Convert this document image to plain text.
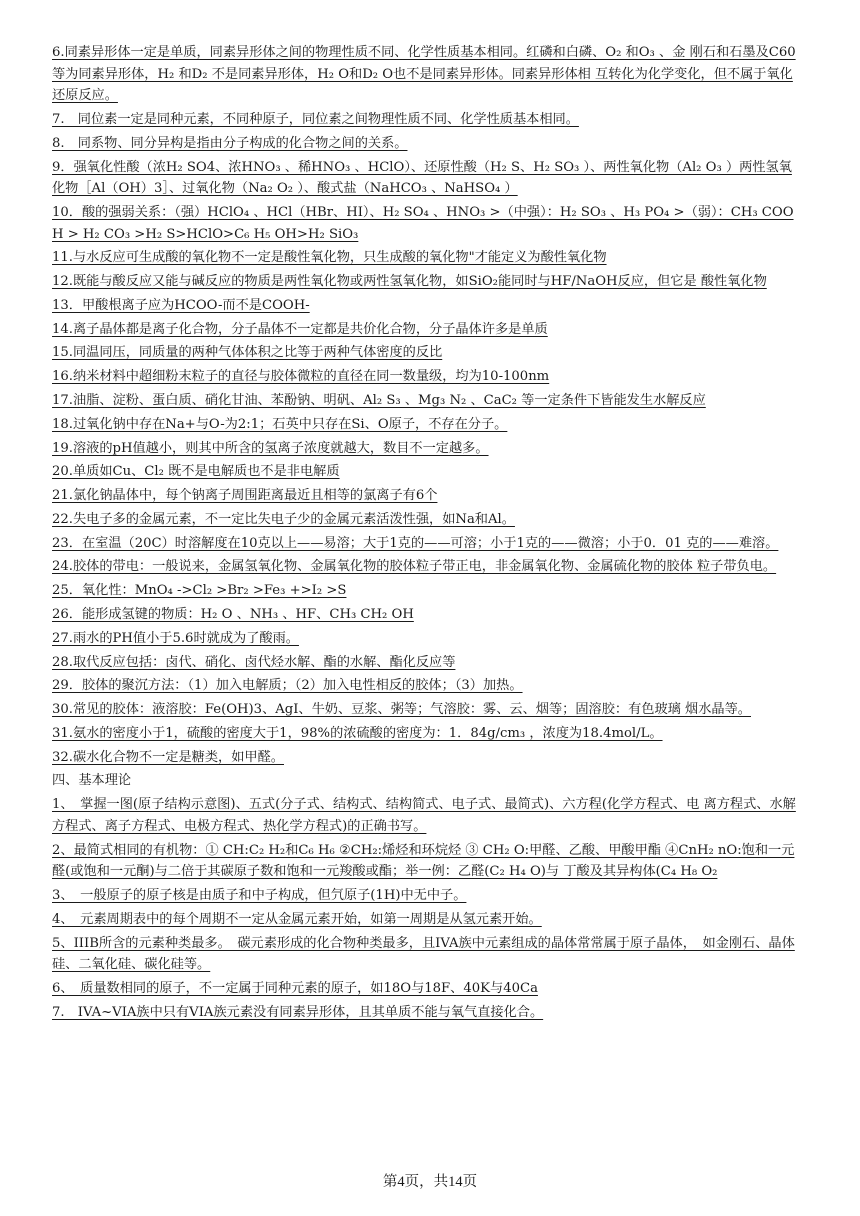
6.同素异形体一定是单质，同素异形体之间的物理性质不同、化学性质基本相同。红磷和白磷、O₂ 和O₃ 、金 刚石和石墨及C60等为同素异形体，H₂ 和D₂ 不是同素异形体，H₂ O和D₂ O也不是同素异形体。同素异形体相 互转化为化学变化，但不属于氧化还原反应。
7.　同位素一定是同种元素，不同种原子，同位素之间物理性质不同、化学性质基本相同。
8.　同系物、同分异构是指由分子构成的化合物之间的关系。
9．强氧化性酸（浓H₂ SO4、浓HNO₃ 、稀HNO₃ 、HClO）、还原性酸（H₂ S、H₂ SO₃ ）、两性氧化物（Al₂ O₃ ）两性氢氧化物［Al（OH）3］、过氧化物（Na₂ O₂ ）、酸式盐（NaHCO₃ 、NaHSO₄ ）
10．酸的强弱关系：（强）HClO₄ 、HCl（HBr、HI）、H₂ SO₄ 、HNO₃ >（中强）：H₂ SO₃ 、H₃ PO₄ >（弱）：CH₃ COOH > H₂ CO₃ >H₂ S>HClO>C₆ H₅ OH>H₂ SiO₃
11.与水反应可生成酸的氧化物不一定是酸性氧化物，只生成酸的氧化物"才能定义为酸性氧化物
12.既能与酸反应又能与碱反应的物质是两性氧化物或两性氢氧化物，如SiO₂能同时与HF/NaOH反应，但它是 酸性氧化物
13．甲酸根离子应为HCOO-而不是COOH-
14.离子晶体都是离子化合物，分子晶体不一定都是共价化合物，分子晶体许多是单质
15.同温同压，同质量的两种气体体积之比等于两种气体密度的反比
16.纳米材料中超细粉末粒子的直径与胶体微粒的直径在同一数量级，均为10-100nm
17.油脂、淀粉、蛋白质、硝化甘油、苯酚钠、明矾、Al₂ S₃ 、Mg₃ N₂ 、CaC₂ 等一定条件下皆能发生水解反应
18.过氧化钠中存在Na+与O-为2:1；石英中只存在Si、O原子，不存在分子。
19.溶液的pH值越小，则其中所含的氢离子浓度就越大，数目不一定越多。
20.单质如Cu、Cl₂ 既不是电解质也不是非电解质
21.氯化钠晶体中，每个钠离子周围距离最近且相等的氯离子有6个
22.失电子多的金属元素，不一定比失电子少的金属元素活泼性强，如Na和Al。
23．在室温（20C）时溶解度在10克以上——易溶；大于1克的——可溶；小于1克的——微溶；小于0．01 克的——难溶。
24.胶体的带电：一般说来，金属氢氧化物、金属氧化物的胶体粒子带正电，非金属氧化物、金属硫化物的胶体 粒子带负电。
25．氧化性：MnO₄ ->Cl₂ >Br₂ >Fe₃ +>I₂ >S
26．能形成氢键的物质：H₂ O 、NH₃ 、HF、CH₃ CH₂ OH
27.雨水的PH值小于5.6时就成为了酸雨。
28.取代反应包括：卤代、硝化、卤代烃水解、酯的水解、酯化反应等
29．胶体的聚沉方法：（1）加入电解质；（2）加入电性相反的胶体；（3）加热。
30.常见的胶体：液溶胶：Fe(OH)3、AgI、牛奶、豆浆、粥等；气溶胶：雾、云、烟等；固溶胶：有色玻璃 烟水晶等。
31.氨水的密度小于1，硫酸的密度大于1，98%的浓硫酸的密度为：1．84g/cm₃ ，浓度为18.4mol/L。
32.碳水化合物不一定是糖类，如甲醛。
四、基本理论
1、　掌握一图(原子结构示意图)、五式(分子式、结构式、结构简式、电子式、最简式)、六方程(化学方程式、电 离方程式、水解方程式、离子方程式、电极方程式、热化学方程式)的正确书写。
2、最简式相同的有机物：① CH:C₂ H₂和C₆ H₆ ②CH₂:烯烃和环烷烃 ③ CH₂ O:甲醛、乙酸、甲酸甲酯 ④CnH₂ nO:饱和一元醛(或饱和一元酮)与二倍于其碳原子数和饱和一元羧酸或酯；举一例：乙醛(C₂ H₄ O)与 丁酸及其异构体(C₄ H₈ O₂
3、　一般原子的原子核是由质子和中子构成，但氕原子(1H)中无中子。
4、　元素周期表中的每个周期不一定从金属元素开始，如第一周期是从氢元素开始。
5、IIIB所含的元素种类最多。　碳元素形成的化合物种类最多，且IVA族中元素组成的晶体常常属于原子晶体，　如金刚石、晶体硅、二氧化硅、碳化硅等。
6、　质量数相同的原子，不一定属于同种元素的原子，如18O与18F、40K与40Ca
7.　IVA~VIA族中只有VIA族元素没有同素异形体，且其单质不能与氧气直接化合。
第4页，共14页
